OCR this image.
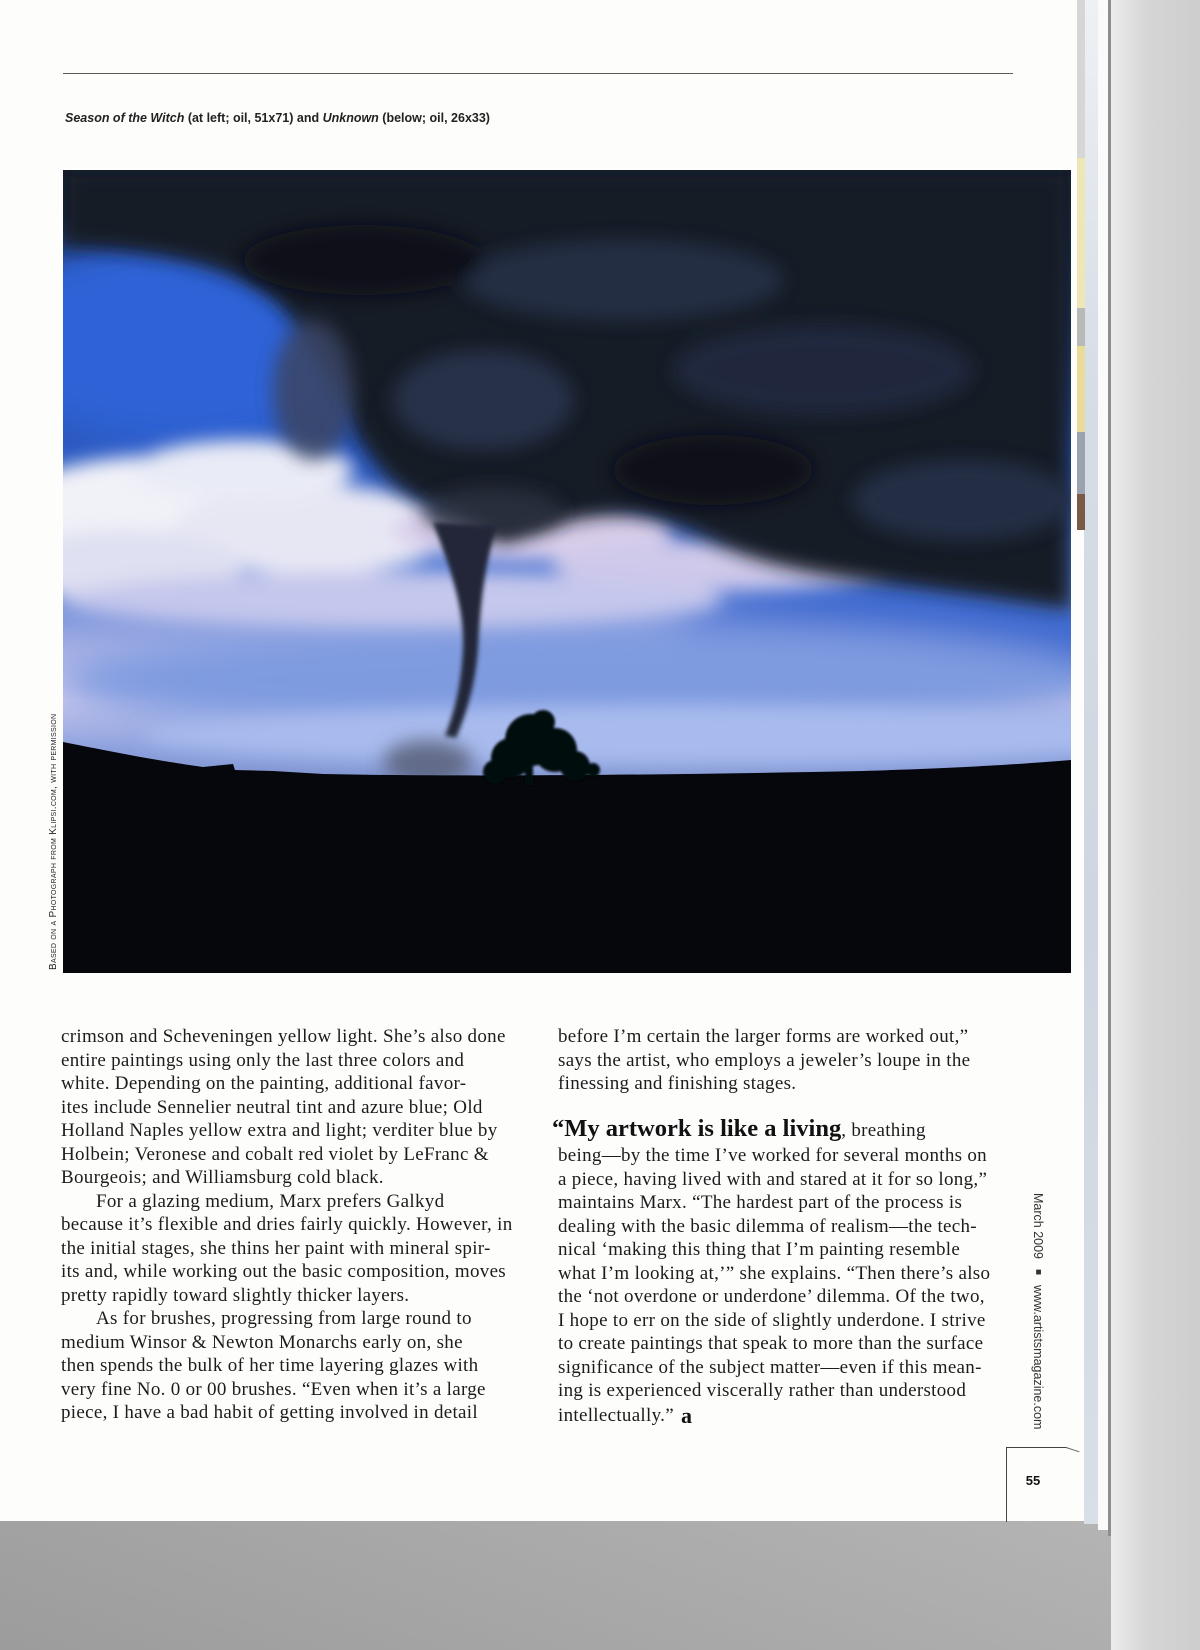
Season of the Witch (at left; oil, 51x71) and Unknown (below; oil, 26x33)
Based on a Photograph from Klipsi.com, with permission
crimson and Scheveningen yellow light. She’s also done
entire paintings using only the last three colors and
white. Depending on the painting, additional favor-
ites include Sennelier neutral tint and azure blue; Old
Holland Naples yellow extra and light; verditer blue by
Holbein; Veronese and cobalt red violet by LeFranc &
Bourgeois; and Williamsburg cold black.
For a glazing medium, Marx prefers Galkyd
because it’s flexible and dries fairly quickly. However, in
the initial stages, she thins her paint with mineral spir-
its and, while working out the basic composition, moves
pretty rapidly toward slightly thicker layers.
As for brushes, progressing from large round to
medium Winsor & Newton Monarchs early on, she
then spends the bulk of her time layering glazes with
very fine No. 0 or 00 brushes. “Even when it’s a large
piece, I have a bad habit of getting involved in detail
before I’m certain the larger forms are worked out,”
says the artist, who employs a jeweler’s loupe in the
finessing and finishing stages.
“My artwork is like a living, breathing
being—by the time I’ve worked for several months on
a piece, having lived with and stared at it for so long,”
maintains Marx. “The hardest part of the process is
dealing with the basic dilemma of realism—the tech-
nical ‘making this thing that I’m painting resemble
what I’m looking at,’” she explains. “Then there’s also
the ‘not overdone or underdone’ dilemma. Of the two,
I hope to err on the side of slightly underdone. I strive
to create paintings that speak to more than the surface
significance of the subject matter—even if this mean-
ing is experienced viscerally rather than understood
intellectually.” a
March 2009 ■ www.artistsmagazine.com
55
